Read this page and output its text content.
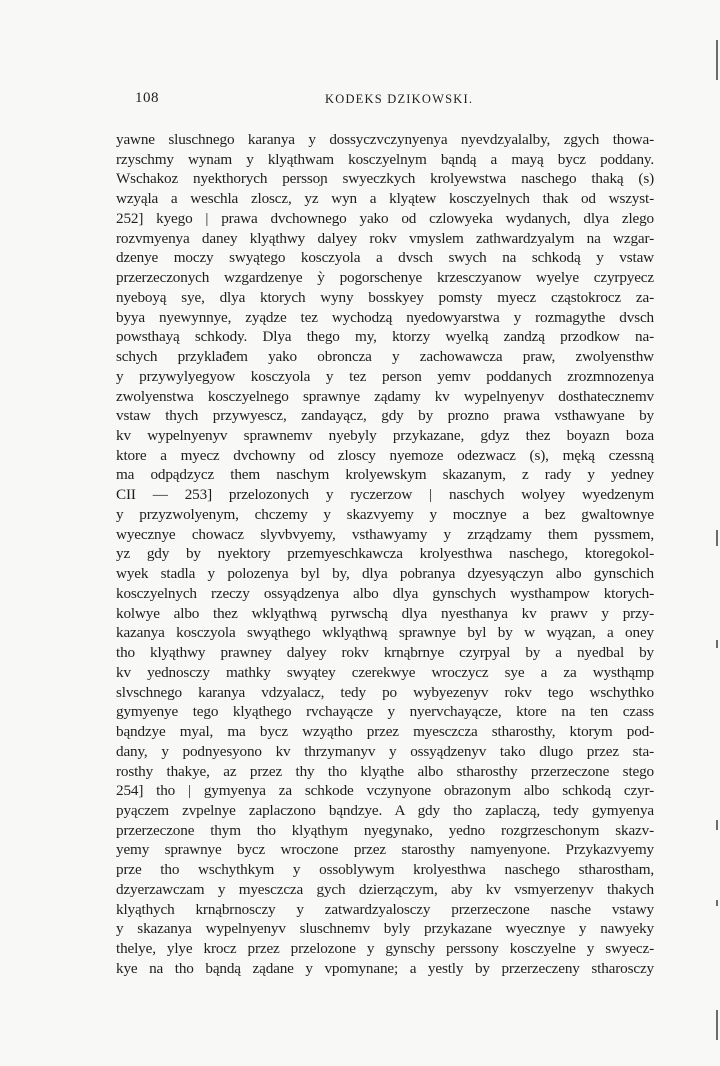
108	KODEKS DZIKOWSKI.
yawne sluschnego karanya y dossyczvczynyenya nyevdzyalalby, zgych thowa-
rzyschmy wynam y klyąthwam kosczyelnym bąndą a mayą bycz poddany.
Wschakoz nyekthorych perssoɲ swyeczkych krolyewstwa naschego thaką (s)
wzyąla a weschla zloscz, yz wyn a klyątew kosczyelnych thak od wszyst-
252] kyego | prawa dvchownego yako od czlowyeka wydanych, dlya zlego
rozvmyenya daney klyąthwy dalyey rokv vmyslem zathwardzyalym na wzgar-
dzenye moczy swyątego kosczyola a dvsch swych na schkodą y vstaw
przerzeczonych wzgardzenye ỳ pogorschenye krzesczyanow wyelye czyrpyecz
nyeboyą sye, dlya ktorych wyny bosskyey pomsty myecz cząstokrocz za-
byya nyewynnye, zyądze tez wychodzą nyedowyarstwa y rozmagythe dvsch
powsthayą schkody. Dlya thego my, ktorzy wyelką zandzą przodkow na-
schych przyklađem yako obroncza y zachowawcza praw, zwolyensthw
y przywylyegyow kosczyola y tez person yemv poddanych zrozmnozenya
zwolyenstwa kosczyelnego sprawnye ządamy kv wypelnyenyv dosthatecznemv
vstaw thych przywyescz, zandayącz, gdy by prozno prawa vsthawyane by
kv wypelnyenyv sprawnemv nyebyly przykazane, gdyz thez boyazn boza
ktore a myecz dvchowny od zloscy nyemoze odezwacz (s), męką czessną
ma odpądzycz them naschym krolyewskym skazanym, z rady y yedney
CII — 253] przelozonych y ryczerzow | naschych wolyey wyedzenym
y przyzwolyenym, chczemy y skazvyemy y mocznye a bez gwaltownye
wyecznye chowacz slyvbvyemy, vsthawyamy y zrządzamy them pyssmem,
yz gdy by nyektory przemyeschkawcza krolyesthwa naschego, ktoregokol-
wyek stadla y polozenya byl by, dlya pobranya dzyesyączyn albo gynschich
kosczyelnych rzeczy ossyądzenya albo dlya gynschych wysthampow ktorych-
kolwye albo thez wklyąthwą pyrwschą dlya nyesthanya kv prawv y przy-
kazanya kosczyola swyąthego wklyąthwą sprawnye byl by w wyązan, a oney
tho klyąthwy prawney dalyey rokv krnąbrnye czyrpyal by a nyedbal by
kv yednosczy mathky swyątey czerekwye wroczycz sye a za wysthąmp
slvschnego karanya vdzyalacz, tedy po wybyezenyv rokv tego wschythko
gymyenye tego klyąthego rvchayącze y nyervchayącze, ktore na ten czass
bąndzye myal, ma bycz wzyątho przez myesczcza stharosthy, ktorym pod-
dany, y podnyesyono kv thrzymanyv y ossyądzenyv tako dlugo przez sta-
rosthy thakye, az przez thy tho klyąthe albo stharosthy przerzeczone stego
254] tho | gymyenya za schkode vczynyone obrazonym albo schkodą czyr-
pyączem zvpelnye zaplaczono bąndzye. A gdy tho zaplaczą, tedy gymyenya
przerzeczone thym tho klyąthym nyegynako, yedno rozgrzeschonym skazv-
yemy sprawnye bycz wroczone przez starosthy namyenyone. Przykazvyemy
prze tho wschythkym y ossoblywym krolyesthwa naschego stharostham,
dzyerzawczam y myesczcza gych dzierzączym, aby kv vsmyerzenyv thakych
klyąthych krnąbrnosczy y zatwardzyalosczy przerzeczone nasche vstawy
y skazanya wypelnyenyv sluschnemv byly przykazane wyecznye y nawyeky
thelye, ylye krocz przez przelozone y gynschy perssony kosczyelne y swyecz-
kye na tho bąndą ządane y vpomynane; a yestly by przerzeczeny stharosczy
